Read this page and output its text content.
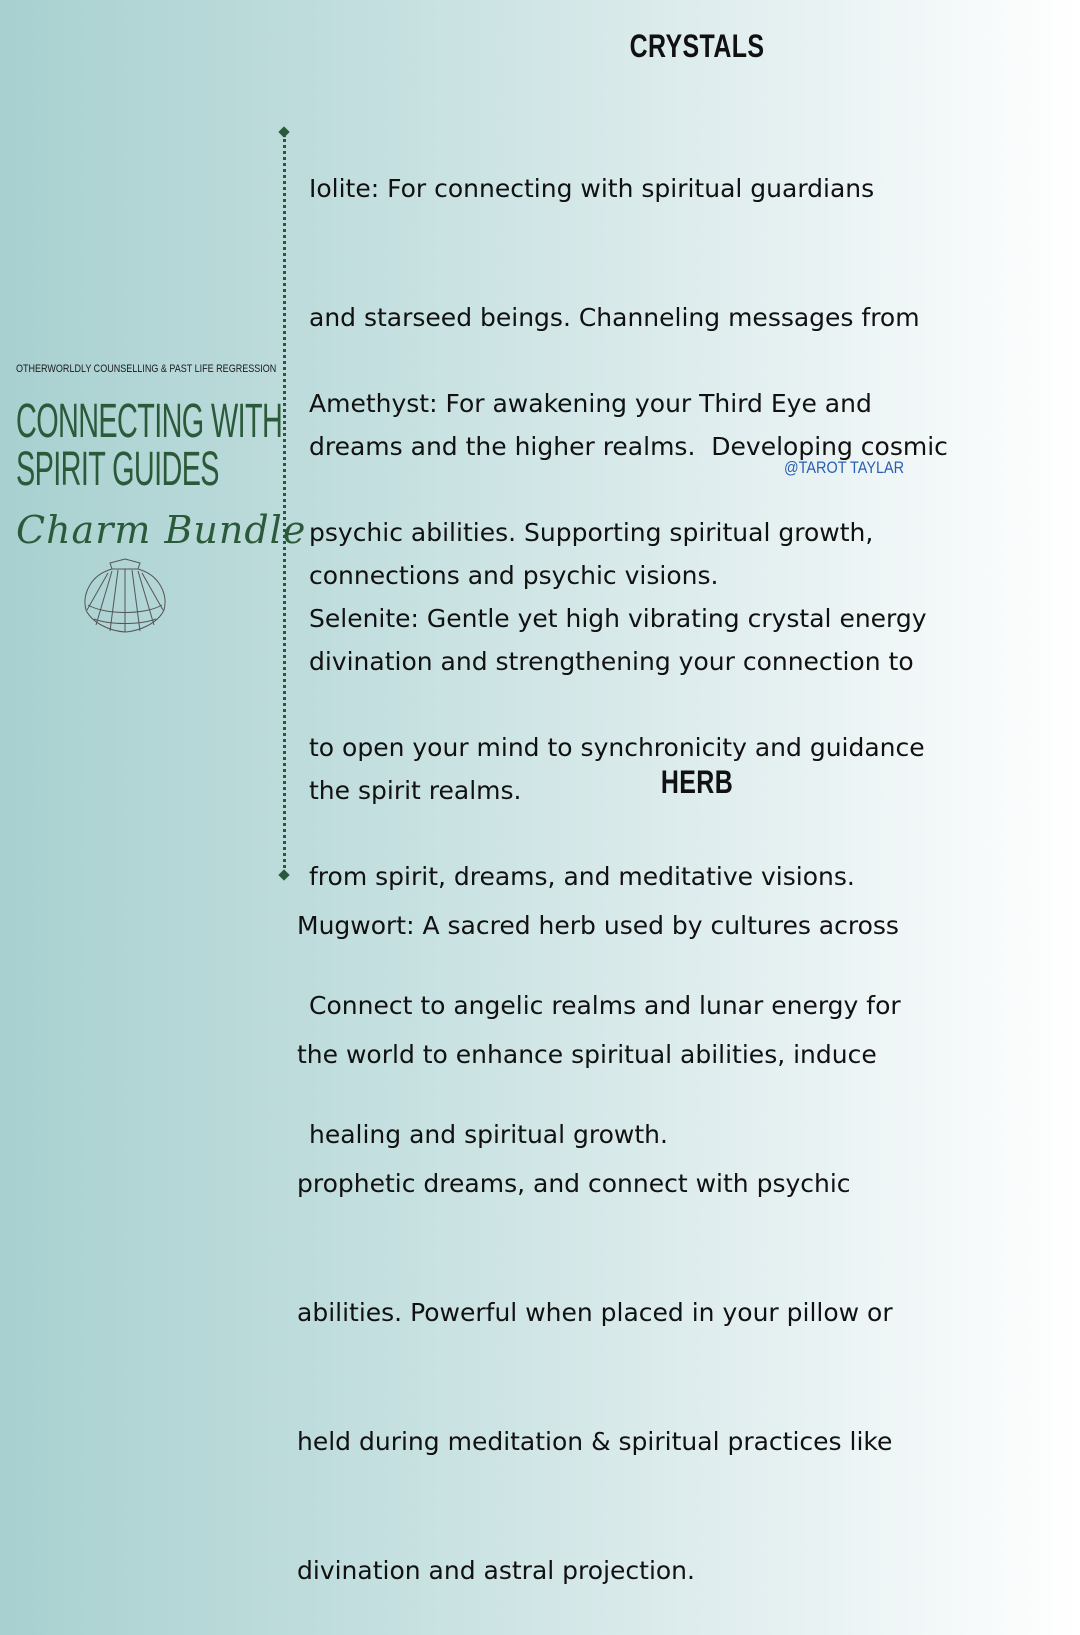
OTHERWORLDLY COUNSELLING & PAST LIFE REGRESSION
CONNECTING WITH
SPIRIT GUIDES
Charm Bundle
CRYSTALS

Iolite: For connecting with spiritual guardians

and starseed beings. Channeling messages from

dreams and the higher realms.  Developing cosmic

connections and psychic visions.

Amethyst: For awakening your Third Eye and

psychic abilities. Supporting spiritual growth,

divination and strengthening your connection to

the spirit realms.

@TAROT TAYLAR

Selenite: Gentle yet high vibrating crystal energy

to open your mind to synchronicity and guidance

from spirit, dreams, and meditative visions.

Connect to angelic realms and lunar energy for

healing and spiritual growth.

HERB

Mugwort: A sacred herb used by cultures across

the world to enhance spiritual abilities, induce

prophetic dreams, and connect with psychic

abilities. Powerful when placed in your pillow or

held during meditation & spiritual practices like

divination and astral projection.
